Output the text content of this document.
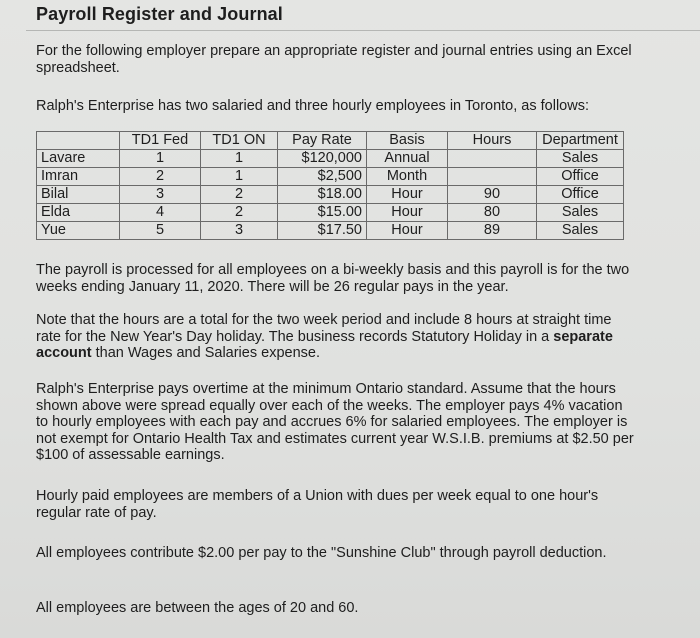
Payroll Register and Journal
For the following employer prepare an appropriate register and journal entries using an Excel spreadsheet.
Ralph's Enterprise has two salaried and three hourly employees in Toronto, as follows:
	TD1 Fed	TD1 ON	Pay Rate	Basis	Hours	Department
Lavare	1	1	$120,000	Annual		Sales
Imran	2	1	$2,500	Month		Office
Bilal	3	2	$18.00	Hour	90	Office
Elda	4	2	$15.00	Hour	80	Sales
Yue	5	3	$17.50	Hour	89	Sales
The payroll is processed for all employees on a bi-weekly basis and this payroll is for the two weeks ending January 11, 2020. There will be 26 regular pays in the year.
Note that the hours are a total for the two week period and include 8 hours at straight time rate for the New Year's Day holiday. The business records Statutory Holiday in a separate account than Wages and Salaries expense.
Ralph's Enterprise pays overtime at the minimum Ontario standard. Assume that the hours shown above were spread equally over each of the weeks. The employer pays 4% vacation to hourly employees with each pay and accrues 6% for salaried employees. The employer is not exempt for Ontario Health Tax and estimates current year W.S.I.B. premiums at $2.50 per $100 of assessable earnings.
Hourly paid employees are members of a Union with dues per week equal to one hour's regular rate of pay.
All employees contribute $2.00 per pay to the "Sunshine Club" through payroll deduction.
All employees are between the ages of 20 and 60.
